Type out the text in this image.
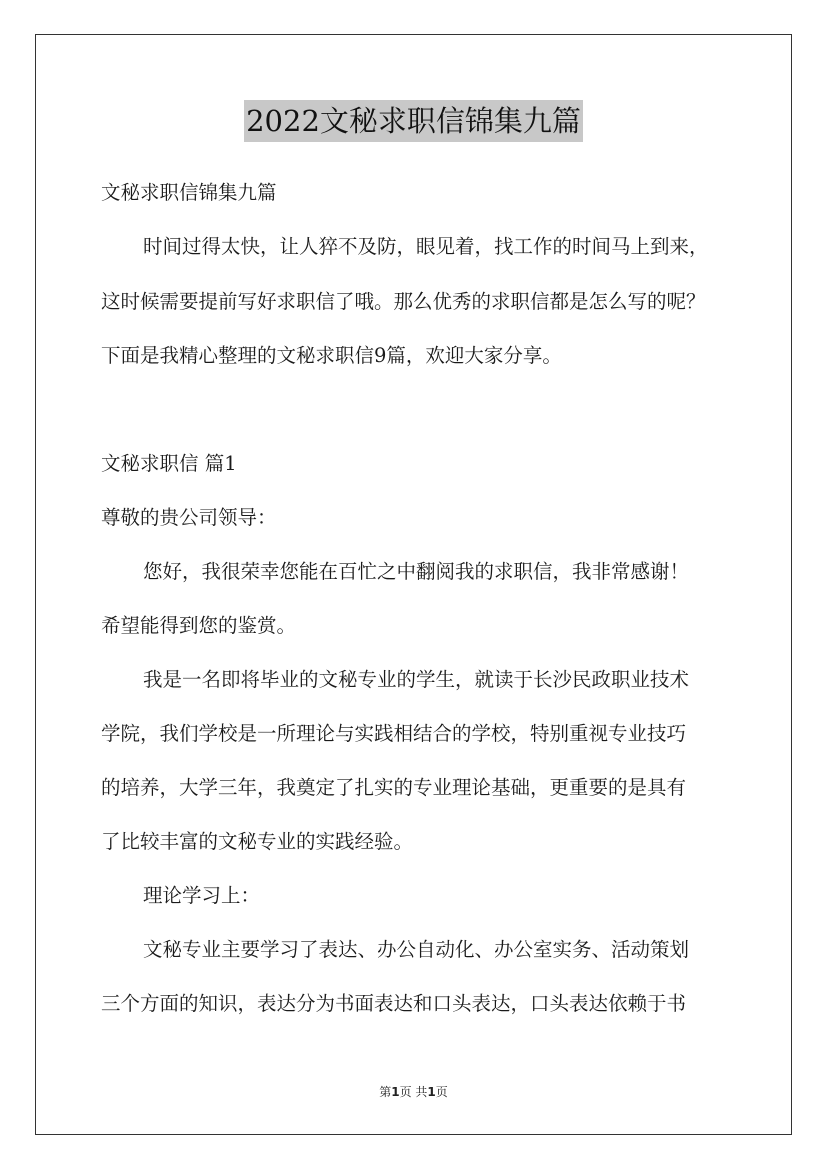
2022文秘求职信锦集九篇
文秘求职信锦集九篇
时间过得太快，让人猝不及防，眼见着，找工作的时间马上到来，
这时候需要提前写好求职信了哦。那么优秀的求职信都是怎么写的呢？
下面是我精心整理的文秘求职信9篇，欢迎大家分享。
文秘求职信 篇1
尊敬的贵公司领导：
您好，我很荣幸您能在百忙之中翻阅我的求职信，我非常感谢！
希望能得到您的鉴赏。
我是一名即将毕业的文秘专业的学生，就读于长沙民政职业技术
学院，我们学校是一所理论与实践相结合的学校，特别重视专业技巧
的培养，大学三年，我奠定了扎实的专业理论基础，更重要的是具有
了比较丰富的文秘专业的实践经验。
理论学习上：
文秘专业主要学习了表达、办公自动化、办公室实务、活动策划
三个方面的知识，表达分为书面表达和口头表达，口头表达依赖于书
第1页 共1页
